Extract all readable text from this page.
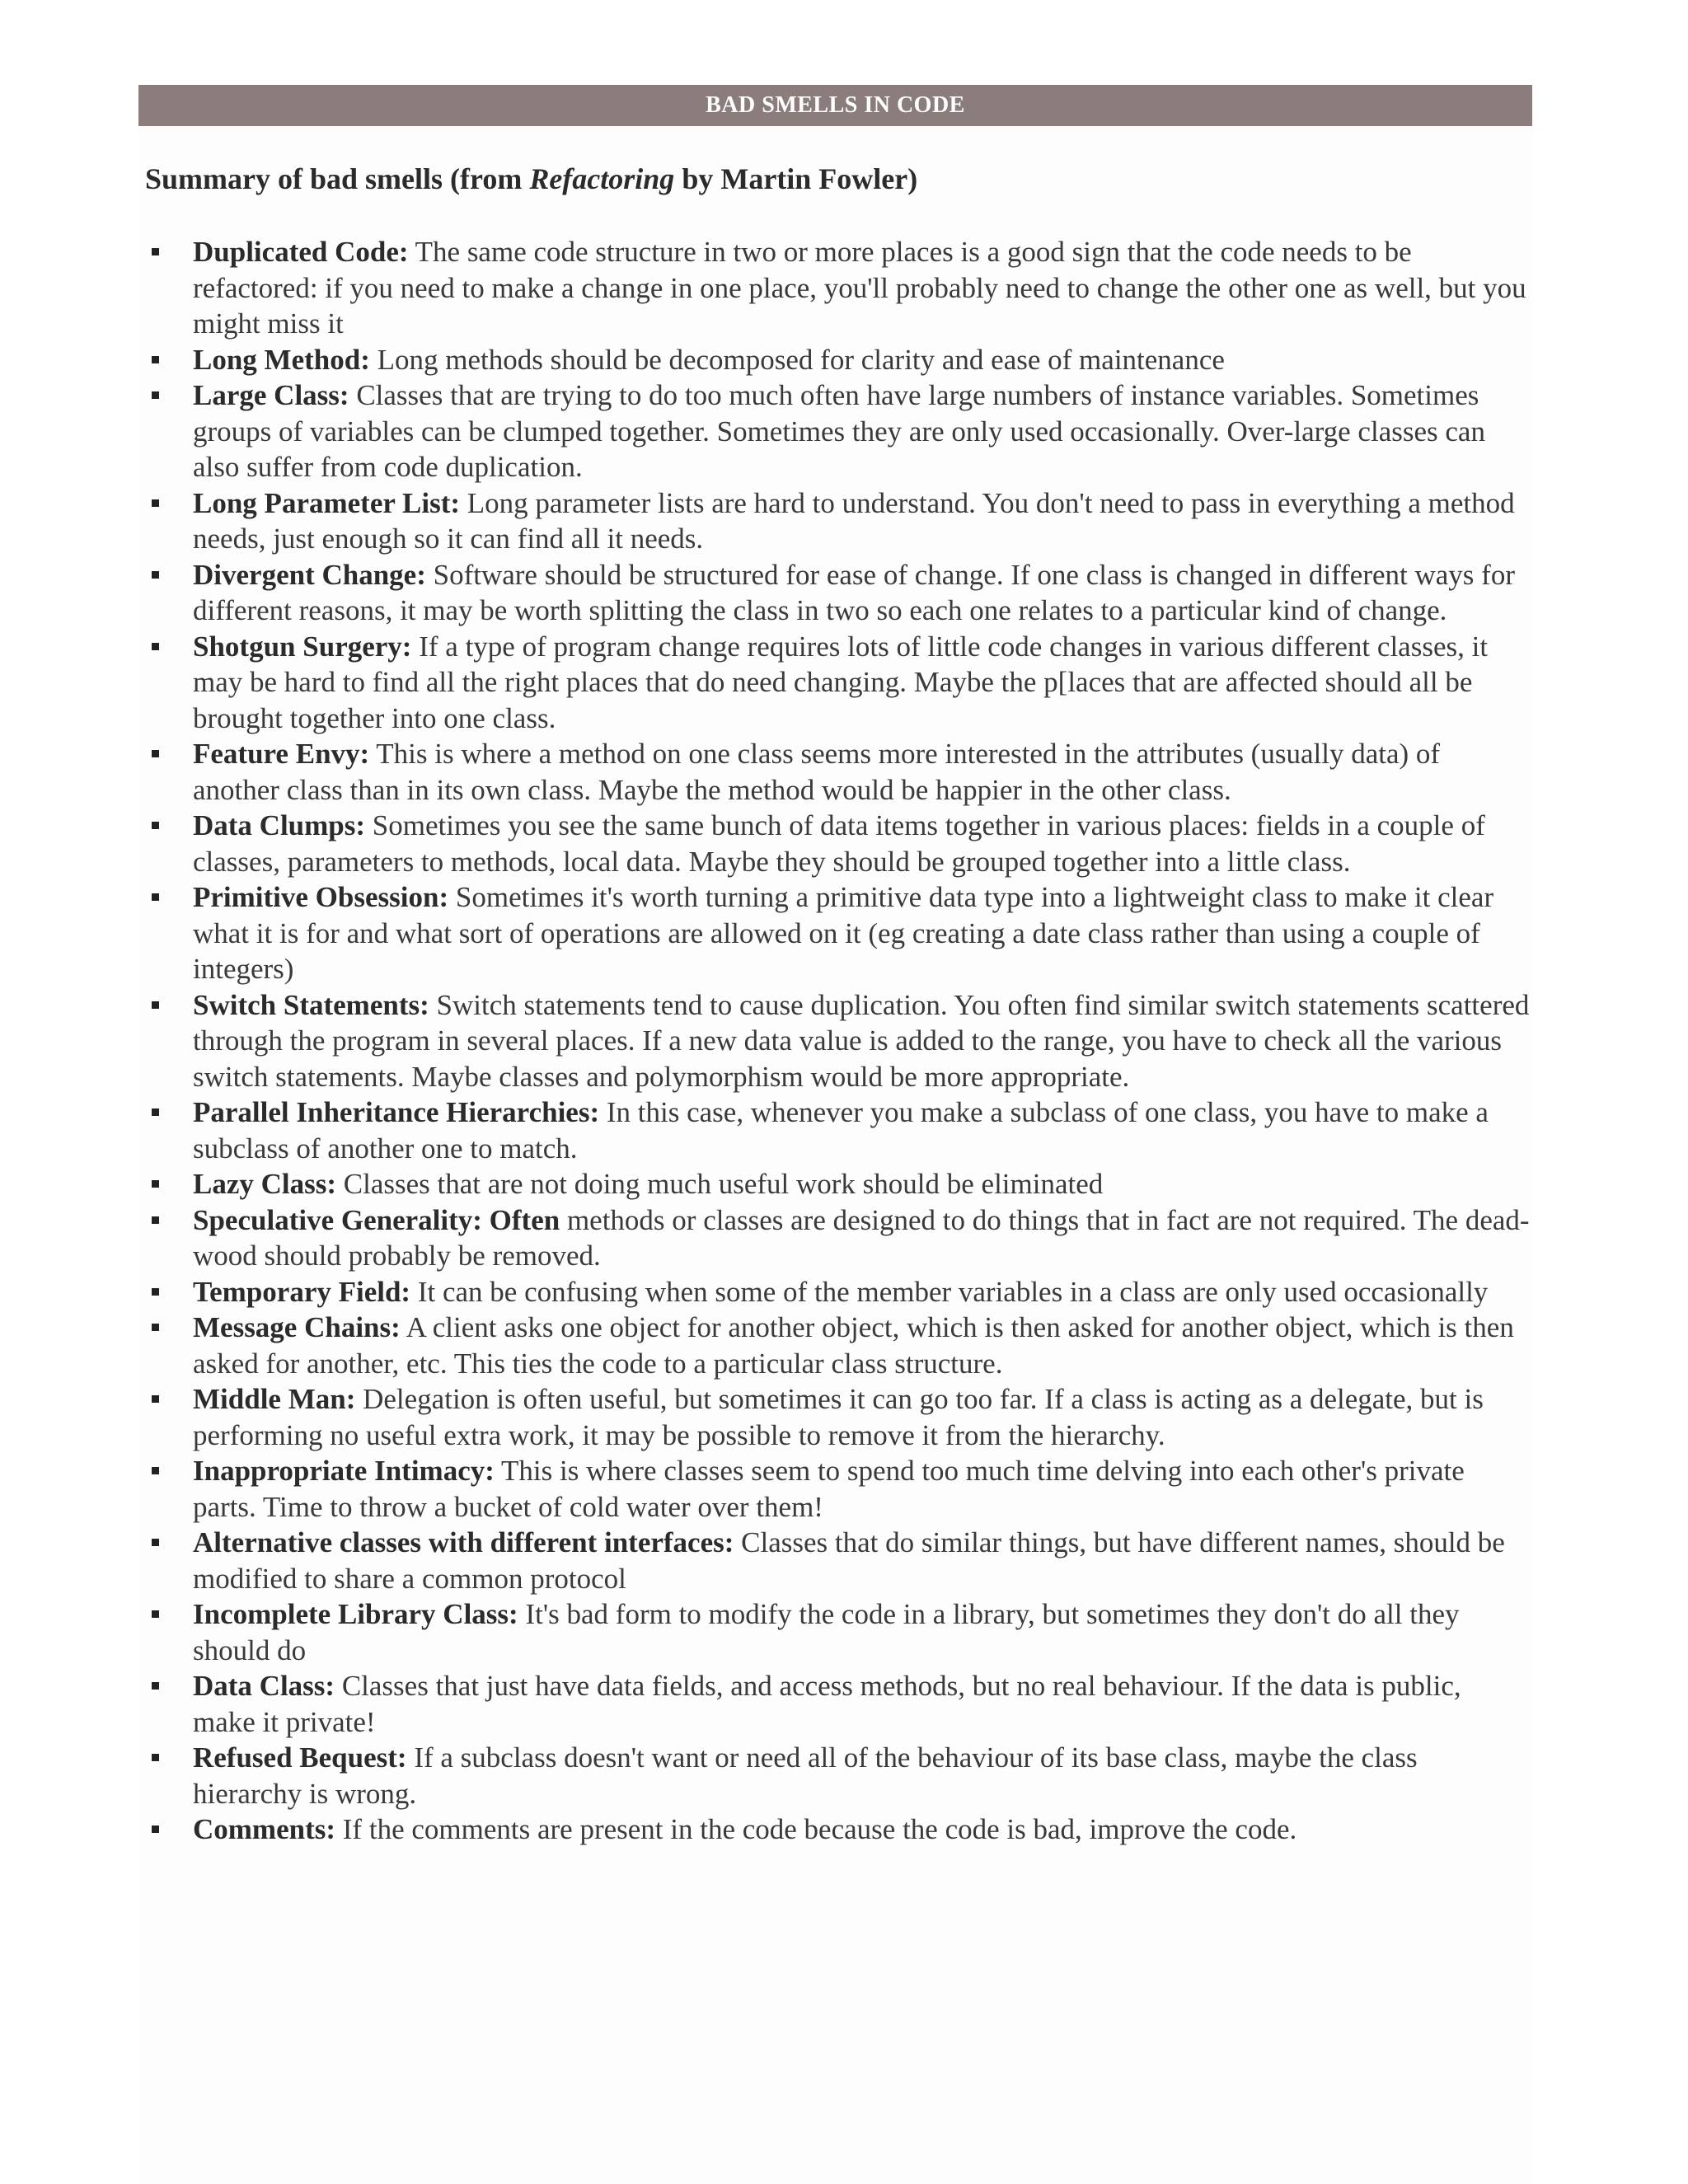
BAD SMELLS IN CODE
Summary of bad smells (from Refactoring by Martin Fowler)
Duplicated Code: The same code structure in two or more places is a good sign that the code needs to be refactored: if you need to make a change in one place, you'll probably need to change the other one as well, but you might miss it
Long Method: Long methods should be decomposed for clarity and ease of maintenance
Large Class: Classes that are trying to do too much often have large numbers of instance variables. Sometimes groups of variables can be clumped together. Sometimes they are only used occasionally. Over-large classes can also suffer from code duplication.
Long Parameter List: Long parameter lists are hard to understand. You don't need to pass in everything a method needs, just enough so it can find all it needs.
Divergent Change: Software should be structured for ease of change. If one class is changed in different ways for different reasons, it may be worth splitting the class in two so each one relates to a particular kind of change.
Shotgun Surgery: If a type of program change requires lots of little code changes in various different classes, it may be hard to find all the right places that do need changing. Maybe the p[laces that are affected should all be brought together into one class.
Feature Envy: This is where a method on one class seems more interested in the attributes (usually data) of another class than in its own class. Maybe the method would be happier in the other class.
Data Clumps: Sometimes you see the same bunch of data items together in various places: fields in a couple of classes, parameters to methods, local data. Maybe they should be grouped together into a little class.
Primitive Obsession: Sometimes it's worth turning a primitive data type into a lightweight class to make it clear what it is for and what sort of operations are allowed on it (eg creating a date class rather than using a couple of integers)
Switch Statements: Switch statements tend to cause duplication. You often find similar switch statements scattered through the program in several places. If a new data value is added to the range, you have to check all the various switch statements. Maybe classes and polymorphism would be more appropriate.
Parallel Inheritance Hierarchies: In this case, whenever you make a subclass of one class, you have to make a subclass of another one to match.
Lazy Class: Classes that are not doing much useful work should be eliminated
Speculative Generality: Often methods or classes are designed to do things that in fact are not required. The dead-wood should probably be removed.
Temporary Field: It can be confusing when some of the member variables in a class are only used occasionally
Message Chains: A client asks one object for another object, which is then asked for another object, which is then asked for another, etc. This ties the code to a particular class structure.
Middle Man: Delegation is often useful, but sometimes it can go too far. If a class is acting as a delegate, but is performing no useful extra work, it may be possible to remove it from the hierarchy.
Inappropriate Intimacy: This is where classes seem to spend too much time delving into each other's private parts. Time to throw a bucket of cold water over them!
Alternative classes with different interfaces: Classes that do similar things, but have different names, should be modified to share a common protocol
Incomplete Library Class: It's bad form to modify the code in a library, but sometimes they don't do all they should do
Data Class: Classes that just have data fields, and access methods, but no real behaviour. If the data is public, make it private!
Refused Bequest: If a subclass doesn't want or need all of the behaviour of its base class, maybe the class hierarchy is wrong.
Comments: If the comments are present in the code because the code is bad, improve the code.
